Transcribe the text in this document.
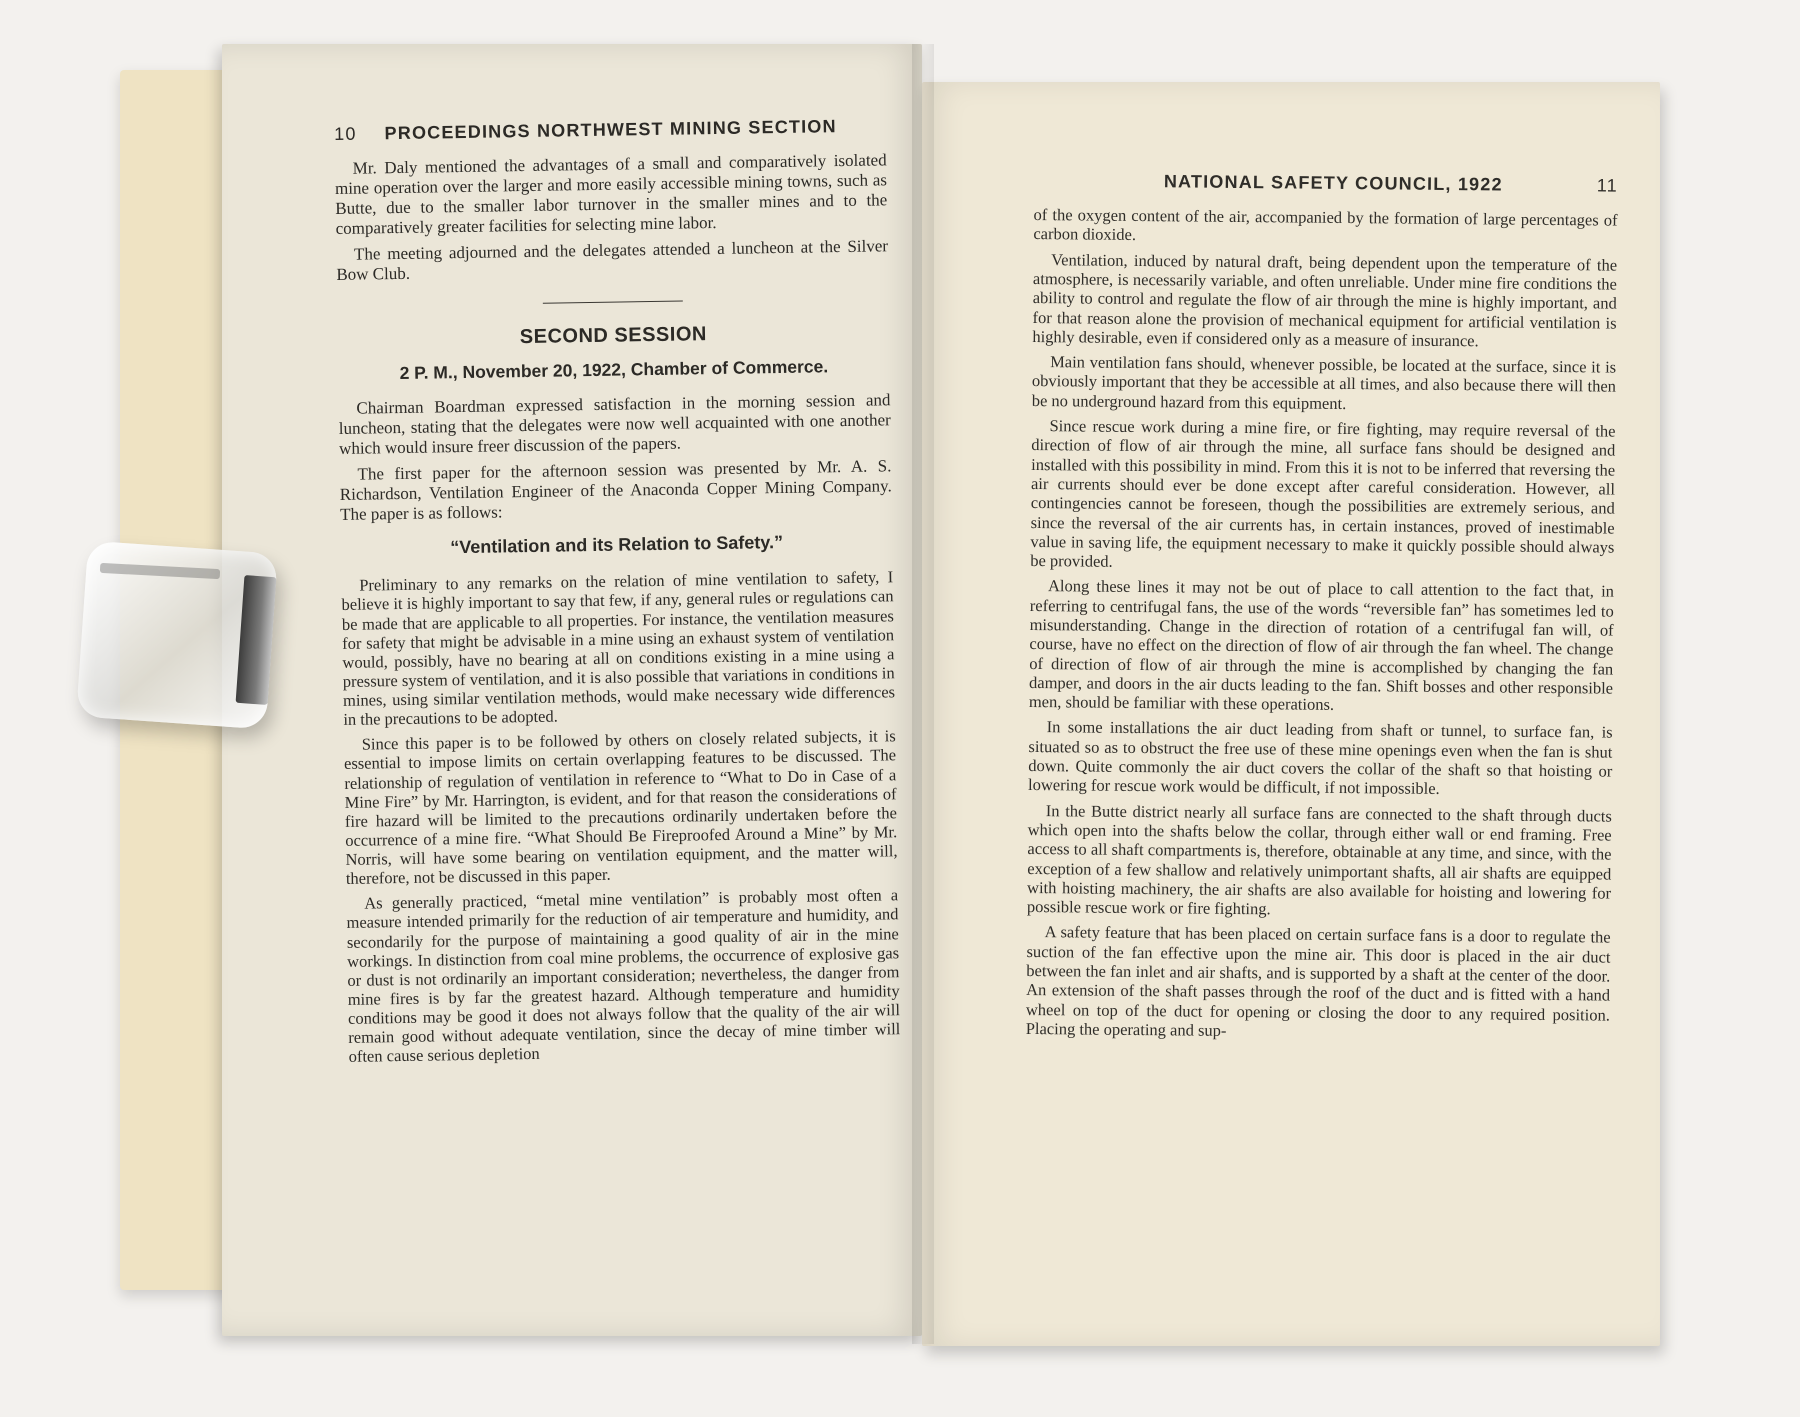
10 PROCEEDINGS NORTHWEST MINING SECTION

Mr. Daly mentioned the advantages of a small and comparatively isolated mine operation over the larger and more easily accessible mining towns, such as Butte, due to the smaller labor turnover in the smaller mines and to the comparatively greater facilities for selecting mine labor.

The meeting adjourned and the delegates attended a luncheon at the Silver Bow Club.

SECOND SESSION
2 P. M., November 20, 1922, Chamber of Commerce.

Chairman Boardman expressed satisfaction in the morning session and luncheon, stating that the delegates were now well acquainted with one another which would insure freer discussion of the papers.

The first paper for the afternoon session was presented by Mr. A. S. Richardson, Ventilation Engineer of the Anaconda Copper Mining Company. The paper is as follows:

“Ventilation and its Relation to Safety.”

Preliminary to any remarks on the relation of mine ventilation to safety, I believe it is highly important to say that few, if any, general rules or regulations can be made that are applicable to all properties. For instance, the ventilation measures for safety that might be advisable in a mine using an exhaust system of ventilation would, possibly, have no bearing at all on conditions existing in a mine using a pressure system of ventilation, and it is also possible that variations in conditions in mines, using similar ventilation methods, would make necessary wide differences in the precautions to be adopted.

Since this paper is to be followed by others on closely related subjects, it is essential to impose limits on certain overlapping features to be discussed. The relationship of regulation of ventilation in reference to “What to Do in Case of a Mine Fire” by Mr. Harrington, is evident, and for that reason the considerations of fire hazard will be limited to the precautions ordinarily undertaken before the occurrence of a mine fire. “What Should Be Fireproofed Around a Mine” by Mr. Norris, will have some bearing on ventilation equipment, and the matter will, therefore, not be discussed in this paper.

As generally practiced, “metal mine ventilation” is probably most often a measure intended primarily for the reduction of air temperature and humidity, and secondarily for the purpose of maintaining a good quality of air in the mine workings. In distinction from coal mine problems, the occurrence of explosive gas or dust is not ordinarily an important consideration; nevertheless, the danger from mine fires is by far the greatest hazard. Although temperature and humidity conditions may be good it does not always follow that the quality of the air will remain good without adequate ventilation, since the decay of mine timber will often cause serious depletion

NATIONAL SAFETY COUNCIL, 1922	11

of the oxygen content of the air, accompanied by the formation of large percentages of carbon dioxide.

Ventilation, induced by natural draft, being dependent upon the temperature of the atmosphere, is necessarily variable, and often unreliable. Under mine fire conditions the ability to control and regulate the flow of air through the mine is highly important, and for that reason alone the provision of mechanical equipment for artificial ventilation is highly desirable, even if considered only as a measure of insurance.

Main ventilation fans should, whenever possible, be located at the surface, since it is obviously important that they be accessible at all times, and also because there will then be no underground hazard from this equipment.

Since rescue work during a mine fire, or fire fighting, may require reversal of the direction of flow of air through the mine, all surface fans should be designed and installed with this possibility in mind. From this it is not to be inferred that reversing the air currents should ever be done except after careful consideration. However, all contingencies cannot be foreseen, though the possibilities are extremely serious, and since the reversal of the air currents has, in certain instances, proved of inestimable value in saving life, the equipment necessary to make it quickly possible should always be provided.

Along these lines it may not be out of place to call attention to the fact that, in referring to centrifugal fans, the use of the words “reversible fan” has sometimes led to misunderstanding. Change in the direction of rotation of a centrifugal fan will, of course, have no effect on the direction of flow of air through the fan wheel. The change of direction of flow of air through the mine is accomplished by changing the fan damper, and doors in the air ducts leading to the fan. Shift bosses and other responsible men, should be familiar with these operations.

In some installations the air duct leading from shaft or tunnel, to surface fan, is situated so as to obstruct the free use of these mine openings even when the fan is shut down. Quite commonly the air duct covers the collar of the shaft so that hoisting or lowering for rescue work would be difficult, if not impossible.

In the Butte district nearly all surface fans are connected to the shaft through ducts which open into the shafts below the collar, through either wall or end framing. Free access to all shaft compartments is, therefore, obtainable at any time, and since, with the exception of a few shallow and relatively unimportant shafts, all air shafts are equipped with hoisting machinery, the air shafts are also available for hoisting and lowering for possible rescue work or fire fighting.

A safety feature that has been placed on certain surface fans is a door to regulate the suction of the fan effective upon the mine air. This door is placed in the air duct between the fan inlet and air shafts, and is supported by a shaft at the center of the door. An extension of the shaft passes through the roof of the duct and is fitted with a hand wheel on top of the duct for opening or closing the door to any required position. Placing the operating and sup-
